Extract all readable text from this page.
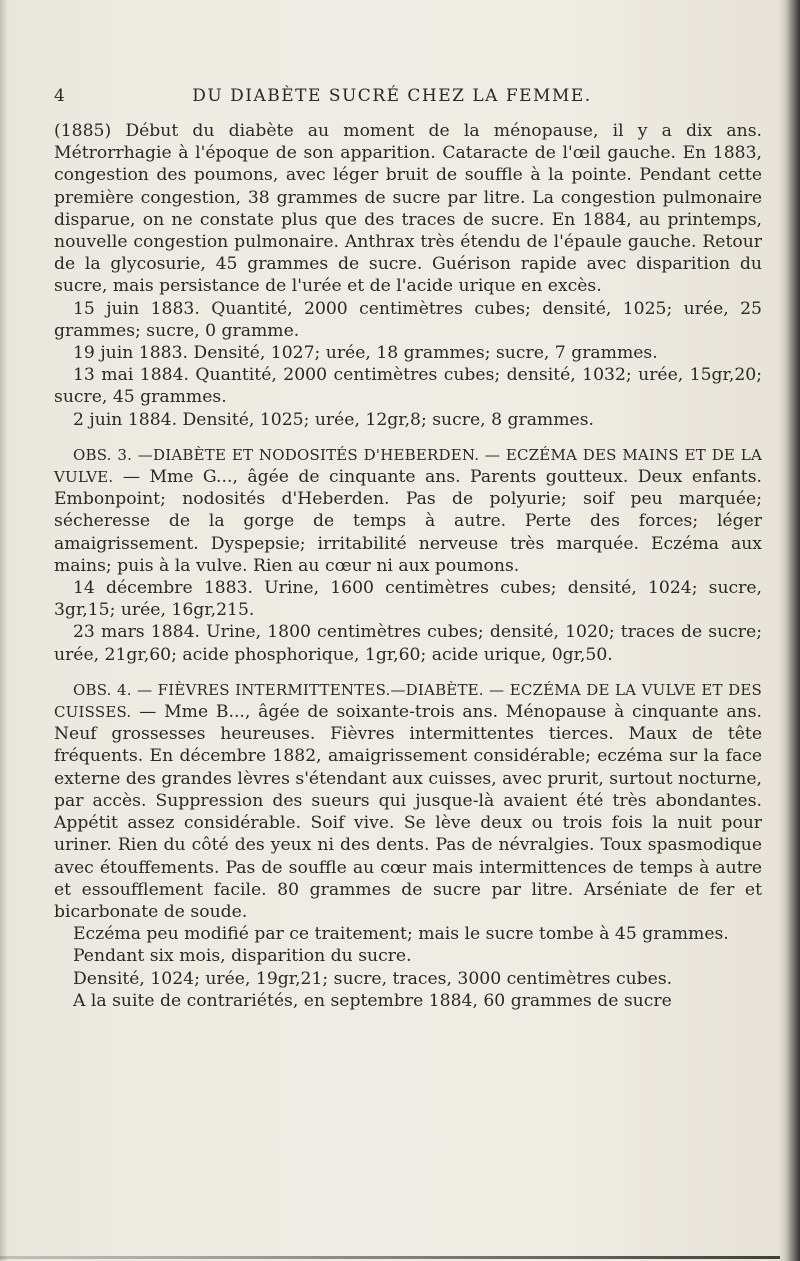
4	DU DIABÈTE SUCRÉ CHEZ LA FEMME.

(1885) Début du diabète au moment de la ménopause, il y a dix ans. Métrorrhagie à l'époque de son apparition. Cataracte de l'œil gauche. En 1883, congestion des poumons, avec léger bruit de souffle à la pointe. Pendant cette première congestion, 38 grammes de sucre par litre. La congestion pulmonaire disparue, on ne constate plus que des traces de sucre. En 1884, au printemps, nouvelle congestion pulmonaire. Anthrax très étendu de l'épaule gauche. Retour de la glycosurie, 45 grammes de sucre. Guérison rapide avec disparition du sucre, mais persistance de l'urée et de l'acide urique en excès.

15 juin 1883. Quantité, 2000 centimètres cubes; densité, 1025; urée, 25 grammes; sucre, 0 gramme.

19 juin 1883. Densité, 1027; urée, 18 grammes; sucre, 7 grammes.

13 mai 1884. Quantité, 2000 centimètres cubes; densité, 1032; urée, 15gr,20; sucre, 45 grammes.

2 juin 1884. Densité, 1025; urée, 12gr,8; sucre, 8 grammes.

OBS. 3. —DIABÈTE ET NODOSITÉS D'HEBERDEN. — ECZÉMA DES MAINS ET DE LA VULVE. — Mme G..., âgée de cinquante ans. Parents goutteux. Deux enfants. Embonpoint; nodosités d'Heberden. Pas de polyurie; soif peu marquée; sécheresse de la gorge de temps à autre. Perte des forces; léger amaigrissement. Dyspepsie; irritabilité nerveuse très marquée. Eczéma aux mains; puis à la vulve. Rien au cœur ni aux poumons.

14 décembre 1883. Urine, 1600 centimètres cubes; densité, 1024; sucre, 3gr,15; urée, 16gr,215.

23 mars 1884. Urine, 1800 centimètres cubes; densité, 1020; traces de sucre; urée, 21gr,60; acide phosphorique, 1gr,60; acide urique, 0gr,50.

OBS. 4. — FIÈVRES INTERMITTENTES.—DIABÈTE. — ECZÉMA DE LA VULVE ET DES CUISSES. — Mme B..., âgée de soixante-trois ans. Ménopause à cinquante ans. Neuf grossesses heureuses. Fièvres intermittentes tierces. Maux de tête fréquents. En décembre 1882, amaigrissement considérable; eczéma sur la face externe des grandes lèvres s'étendant aux cuisses, avec prurit, surtout nocturne, par accès. Suppression des sueurs qui jusque-là avaient été très abondantes. Appétit assez considérable. Soif vive. Se lève deux ou trois fois la nuit pour uriner. Rien du côté des yeux ni des dents. Pas de névralgies. Toux spasmodique avec étouffements. Pas de souffle au cœur mais intermittences de temps à autre et essoufflement facile. 80 grammes de sucre par litre. Arséniate de fer et bicarbonate de soude.

Eczéma peu modifié par ce traitement; mais le sucre tombe à 45 grammes.

Pendant six mois, disparition du sucre.

Densité, 1024; urée, 19gr,21; sucre, traces, 3000 centimètres cubes.

A la suite de contrariétés, en septembre 1884, 60 grammes de sucre
